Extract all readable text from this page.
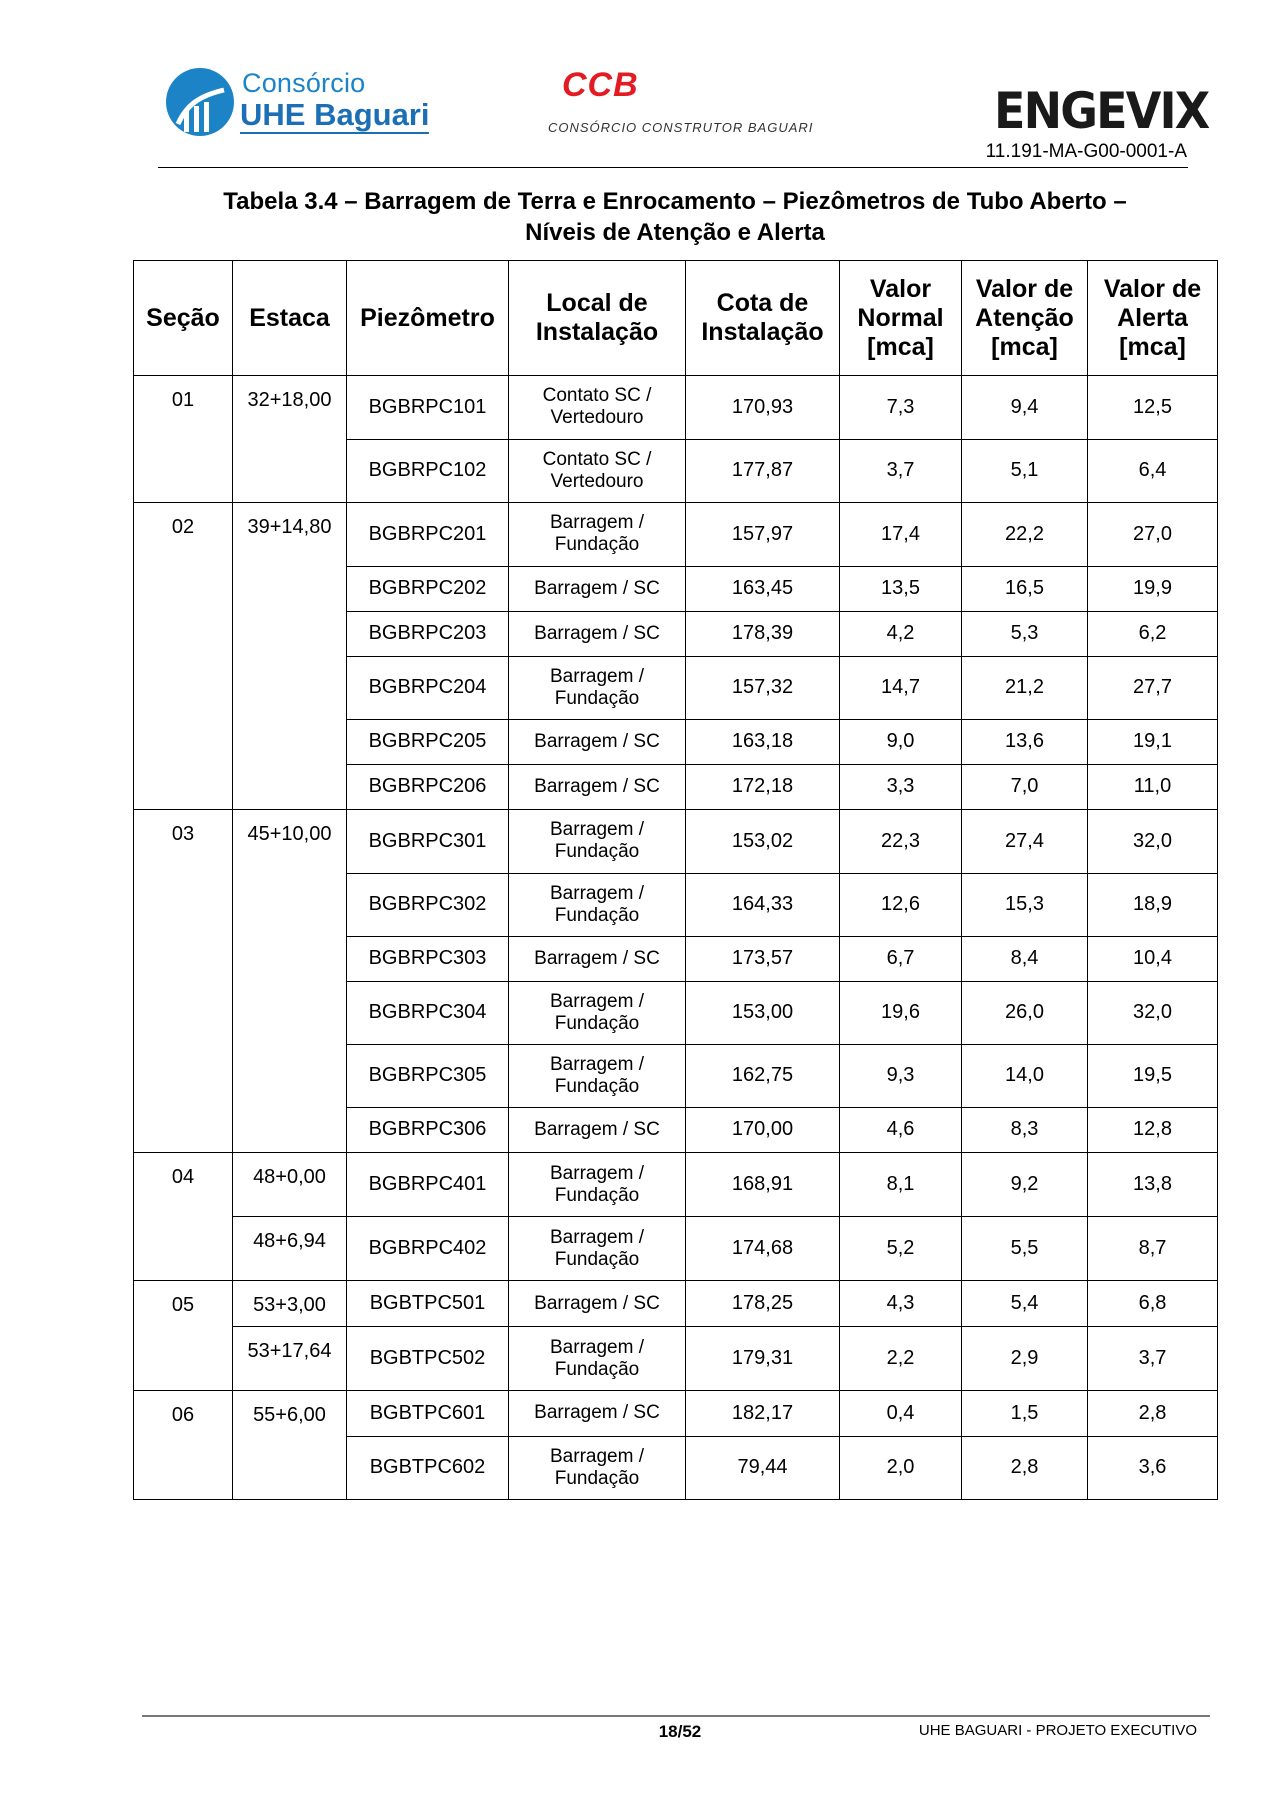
Consórcio
UHE Baguari
CCB
CONSÓRCIO CONSTRUTOR BAGUARI	ENGEVIX
11.191-MA-G00-0001-A
Tabela 3.4 – Barragem de Terra e Enrocamento – Piezômetros de Tubo Aberto –
Níveis de Atenção e Alerta
Seção	Estaca	Piezômetro	Local de
Instalação	Cota de
Instalação	Valor
Normal
[mca]	Valor de
Atenção
[mca]	Valor de
Alerta
[mca]
01	32+18,00	BGBRPC101	Contato SC /
Vertedouro	170,93	7,3	9,4	12,5
		BGBRPC102	Contato SC /
Vertedouro	177,87	3,7	5,1	6,4
02	39+14,80	BGBRPC201	Barragem /
Fundação	157,97	17,4	22,2	27,0
		BGBRPC202	Barragem / SC	163,45	13,5	16,5	19,9
		BGBRPC203	Barragem / SC	178,39	4,2	5,3	6,2
		BGBRPC204	Barragem /
Fundação	157,32	14,7	21,2	27,7
		BGBRPC205	Barragem / SC	163,18	9,0	13,6	19,1
		BGBRPC206	Barragem / SC	172,18	3,3	7,0	11,0
03	45+10,00	BGBRPC301	Barragem /
Fundação	153,02	22,3	27,4	32,0
		BGBRPC302	Barragem /
Fundação	164,33	12,6	15,3	18,9
		BGBRPC303	Barragem / SC	173,57	6,7	8,4	10,4
		BGBRPC304	Barragem /
Fundação	153,00	19,6	26,0	32,0
		BGBRPC305	Barragem /
Fundação	162,75	9,3	14,0	19,5
		BGBRPC306	Barragem / SC	170,00	4,6	8,3	12,8
04	48+0,00	BGBRPC401	Barragem /
Fundação	168,91	8,1	9,2	13,8
	48+6,94	BGBRPC402	Barragem /
Fundação	174,68	5,2	5,5	8,7
05	53+3,00	BGBTPC501	Barragem / SC	178,25	4,3	5,4	6,8
	53+17,64	BGBTPC502	Barragem /
Fundação	179,31	2,2	2,9	3,7
06	55+6,00	BGBTPC601	Barragem / SC	182,17	0,4	1,5	2,8
		BGBTPC602	Barragem /
Fundação	79,44	2,0	2,8	3,6
18/52	UHE BAGUARI - PROJETO EXECUTIVO
